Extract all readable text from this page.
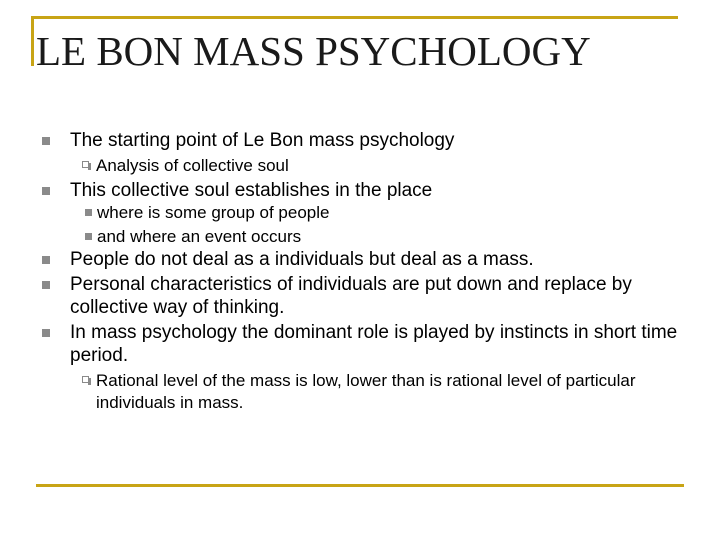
LE BON MASS PSYCHOLOGY
The starting point of Le Bon mass psychology
Analysis of collective soul
This collective soul establishes in the place
where is some group of people
and where an event occurs
People do not deal as a individuals but deal as a mass.
Personal characteristics of individuals are put down and replace by collective way of thinking.
In mass psychology the dominant role is played by instincts in short time period.
Rational level of the mass is low, lower than is rational level of particular individuals in mass.
